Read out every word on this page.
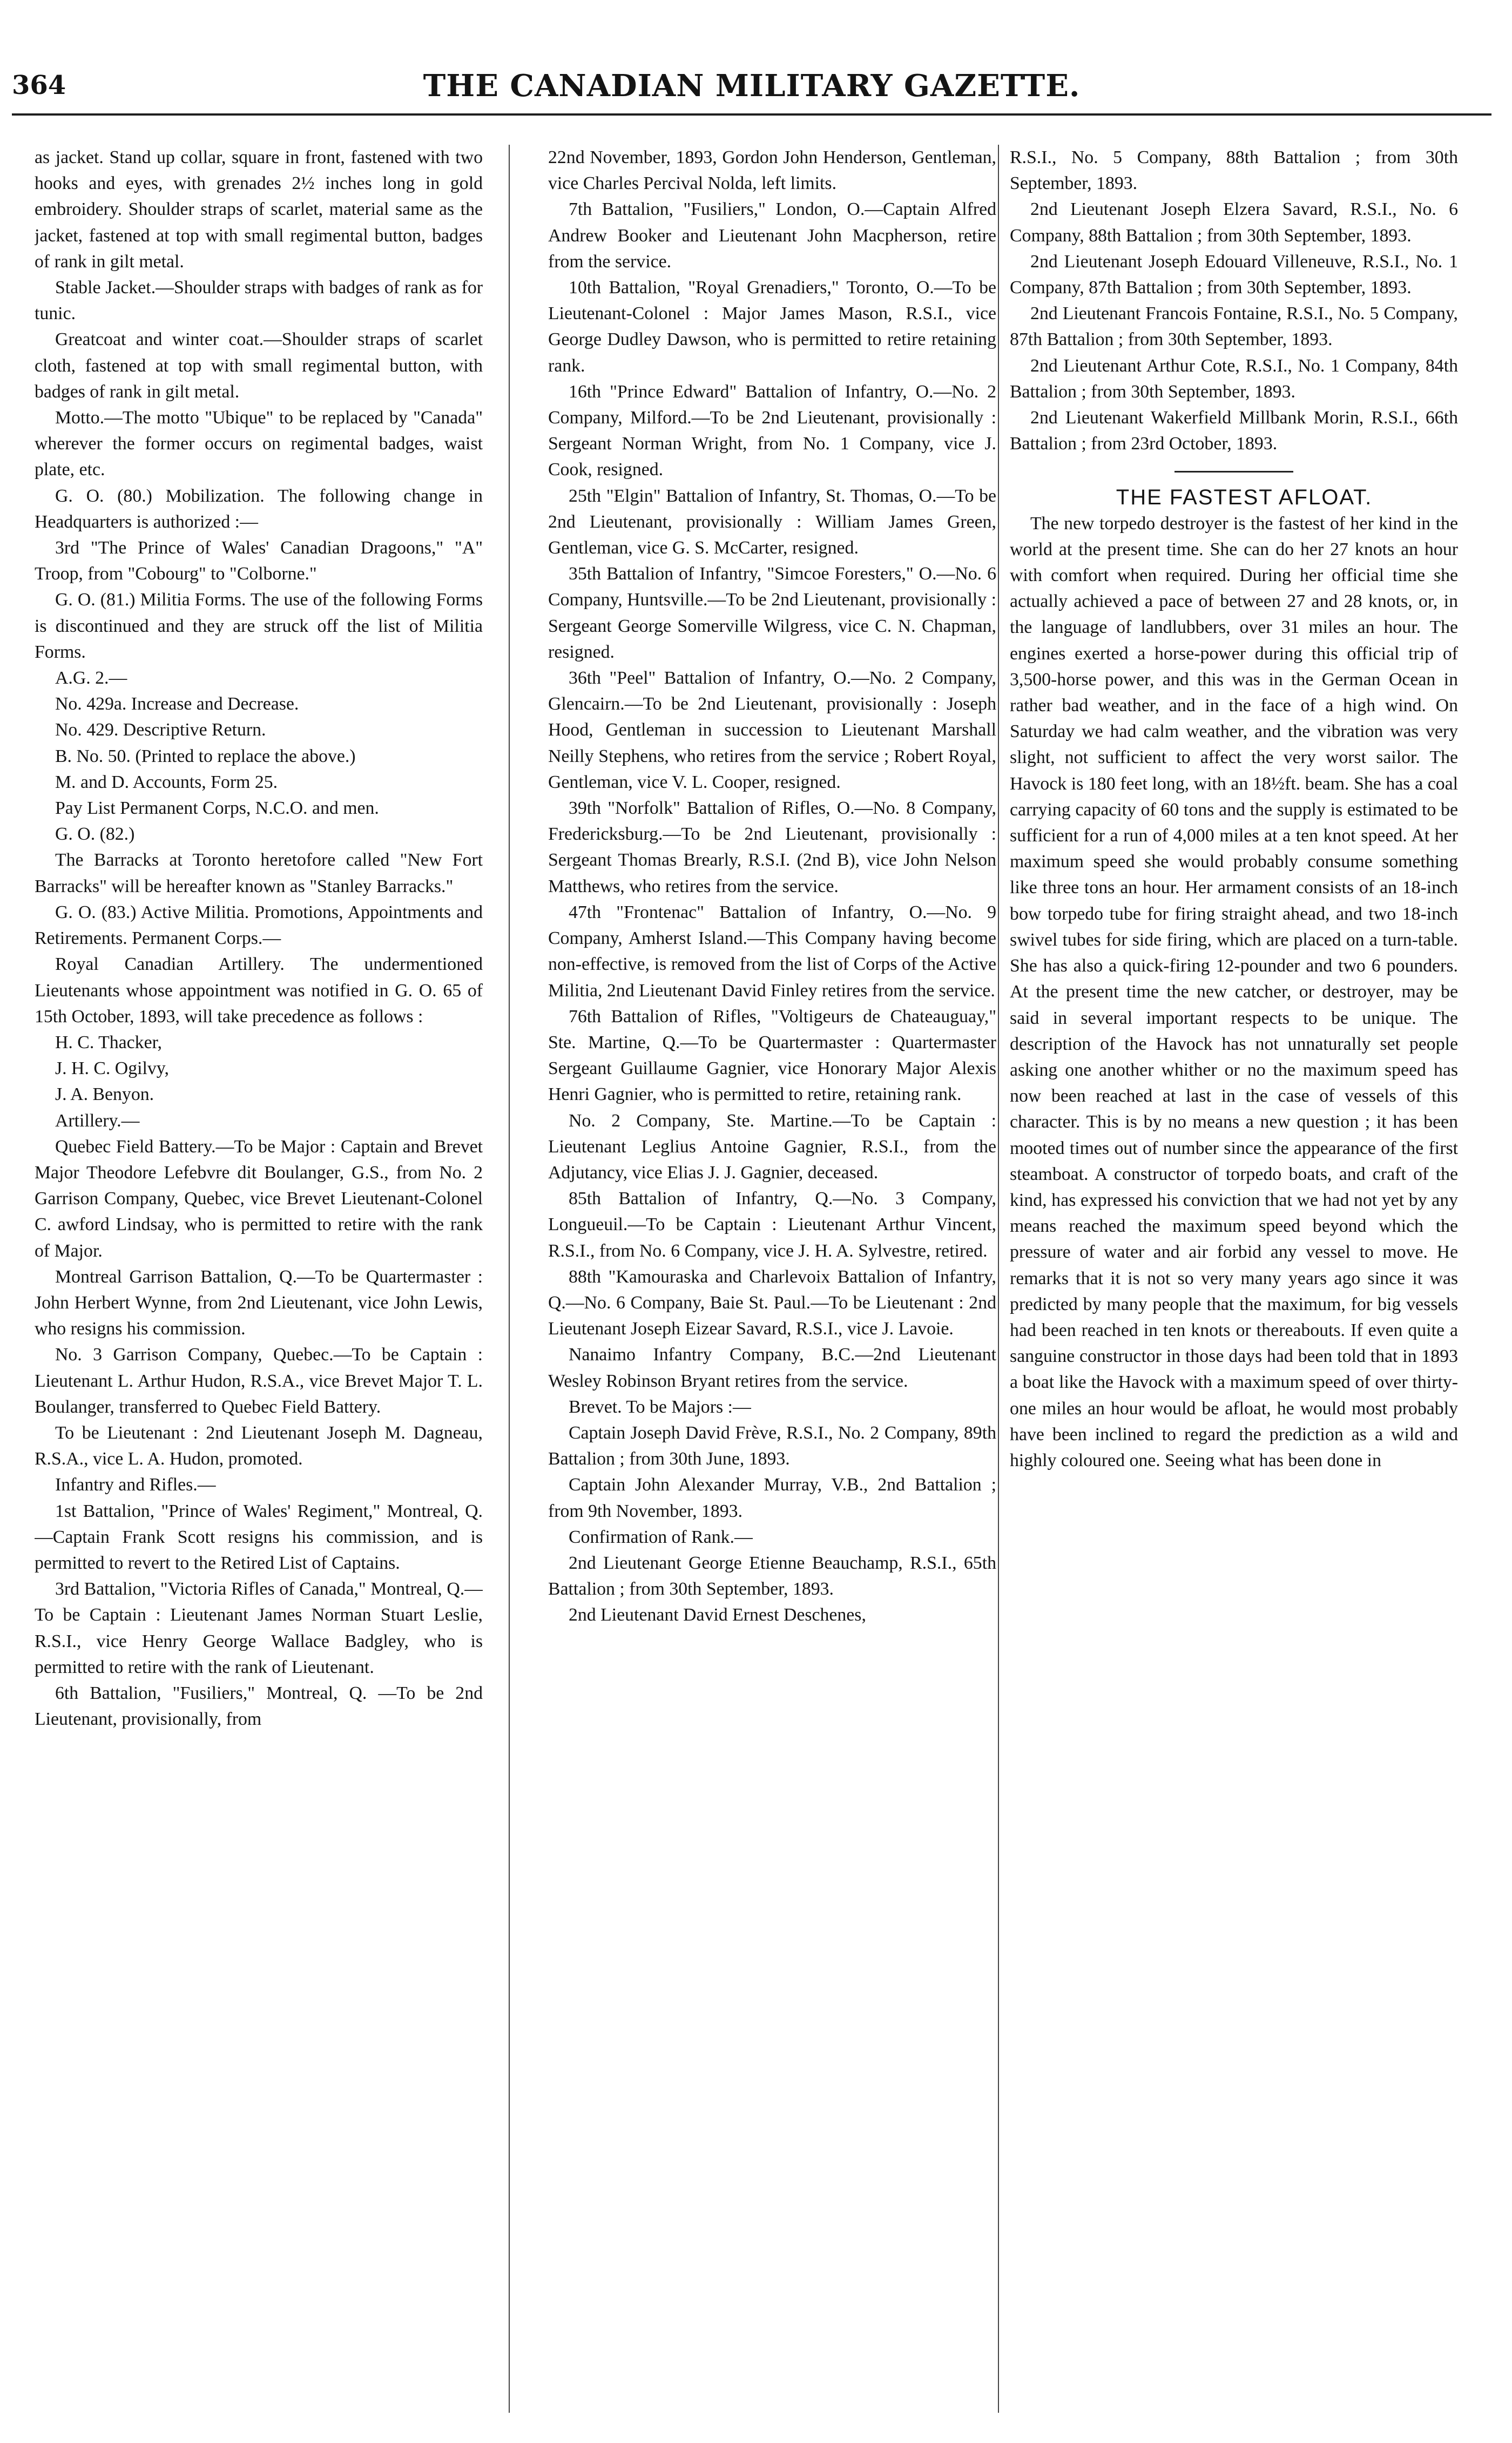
364	THE CANADIAN MILITARY GAZETTE.

as jacket. Stand up collar, square in front, fastened with two hooks and eyes, with grenades 2½ inches long in gold embroidery. Shoulder straps of scarlet, material same as the jacket, fastened at top with small regimental button, badges of rank in gilt metal.

Stable Jacket.—Shoulder straps with badges of rank as for tunic.

Greatcoat and winter coat.—Shoulder straps of scarlet cloth, fastened at top with small regimental button, with badges of rank in gilt metal.

Motto.—The motto "Ubique" to be replaced by "Canada" wherever the former occurs on regimental badges, waist plate, etc.

G. O. (80.) Mobilization. The following change in Headquarters is authorized :—

3rd "The Prince of Wales' Canadian Dragoons," "A" Troop, from "Cobourg" to "Colborne."

G. O. (81.) Militia Forms. The use of the following Forms is discontinued and they are struck off the list of Militia Forms.

A.G. 2.—

No. 429a. Increase and Decrease.

No. 429. Descriptive Return.

B. No. 50. (Printed to replace the above.)

M. and D. Accounts, Form 25.

Pay List Permanent Corps, N.C.O. and men.

G. O. (82.)

The Barracks at Toronto heretofore called "New Fort Barracks" will be hereafter known as "Stanley Barracks."

G. O. (83.) Active Militia. Promotions, Appointments and Retirements. Permanent Corps.—

Royal Canadian Artillery. The undermentioned Lieutenants whose appointment was notified in G. O. 65 of 15th October, 1893, will take precedence as follows :

H. C. Thacker,

J. H. C. Ogilvy,

J. A. Benyon.

Artillery.—

Quebec Field Battery.—To be Major : Captain and Brevet Major Theodore Lefebvre dit Boulanger, G.S., from No. 2 Garrison Company, Quebec, vice Brevet Lieutenant-Colonel C. awford Lindsay, who is permitted to retire with the rank of Major.

Montreal Garrison Battalion, Q.—To be Quartermaster : John Herbert Wynne, from 2nd Lieutenant, vice John Lewis, who resigns his commission.

No. 3 Garrison Company, Quebec.—To be Captain : Lieutenant L. Arthur Hudon, R.S.A., vice Brevet Major T. L. Boulanger, transferred to Quebec Field Battery.

To be Lieutenant : 2nd Lieutenant Joseph M. Dagneau, R.S.A., vice L. A. Hudon, promoted.

Infantry and Rifles.—

1st Battalion, "Prince of Wales' Regiment," Montreal, Q.—Captain Frank Scott resigns his commission, and is permitted to revert to the Retired List of Captains.

3rd Battalion, "Victoria Rifles of Canada," Montreal, Q.—To be Captain : Lieutenant James Norman Stuart Leslie, R.S.I., vice Henry George Wallace Badgley, who is permitted to retire with the rank of Lieutenant.

6th Battalion, "Fusiliers," Montreal, Q. —To be 2nd Lieutenant, provisionally, from

22nd November, 1893, Gordon John Henderson, Gentleman, vice Charles Percival Nolda, left limits.

7th Battalion, "Fusiliers," London, O.—Captain Alfred Andrew Booker and Lieutenant John Macpherson, retire from the service.

10th Battalion, "Royal Grenadiers," Toronto, O.—To be Lieutenant-Colonel : Major James Mason, R.S.I., vice George Dudley Dawson, who is permitted to retire retaining rank.

16th "Prince Edward" Battalion of Infantry, O.—No. 2 Company, Milford.—To be 2nd Lieutenant, provisionally : Sergeant Norman Wright, from No. 1 Company, vice J. Cook, resigned.

25th "Elgin" Battalion of Infantry, St. Thomas, O.—To be 2nd Lieutenant, provisionally : William James Green, Gentleman, vice G. S. McCarter, resigned.

35th Battalion of Infantry, "Simcoe Foresters," O.—No. 6 Company, Huntsville.—To be 2nd Lieutenant, provisionally : Sergeant George Somerville Wilgress, vice C. N. Chapman, resigned.

36th "Peel" Battalion of Infantry, O.—No. 2 Company, Glencairn.—To be 2nd Lieutenant, provisionally : Joseph Hood, Gentleman in succession to Lieutenant Marshall Neilly Stephens, who retires from the service ; Robert Royal, Gentleman, vice V. L. Cooper, resigned.

39th "Norfolk" Battalion of Rifles, O.—No. 8 Company, Fredericksburg.—To be 2nd Lieutenant, provisionally : Sergeant Thomas Brearly, R.S.I. (2nd B), vice John Nelson Matthews, who retires from the service.

47th "Frontenac" Battalion of Infantry, O.—No. 9 Company, Amherst Island.—This Company having become non-effective, is removed from the list of Corps of the Active Militia, 2nd Lieutenant David Finley retires from the service.

76th Battalion of Rifles, "Voltigeurs de Chateauguay," Ste. Martine, Q.—To be Quartermaster : Quartermaster Sergeant Guillaume Gagnier, vice Honorary Major Alexis Henri Gagnier, who is permitted to retire, retaining rank.

No. 2 Company, Ste. Martine.—To be Captain : Lieutenant Leglius Antoine Gagnier, R.S.I., from the Adjutancy, vice Elias J. J. Gagnier, deceased.

85th Battalion of Infantry, Q.—No. 3 Company, Longueuil.—To be Captain : Lieutenant Arthur Vincent, R.S.I., from No. 6 Company, vice J. H. A. Sylvestre, retired.

88th "Kamouraska and Charlevoix Battalion of Infantry, Q.—No. 6 Company, Baie St. Paul.—To be Lieutenant : 2nd Lieutenant Joseph Eizear Savard, R.S.I., vice J. Lavoie.

Nanaimo Infantry Company, B.C.—2nd Lieutenant Wesley Robinson Bryant retires from the service.

Brevet. To be Majors :—

Captain Joseph David Frève, R.S.I., No. 2 Company, 89th Battalion ; from 30th June, 1893.

Captain John Alexander Murray, V.B., 2nd Battalion ; from 9th November, 1893.

Confirmation of Rank.—

2nd Lieutenant George Etienne Beauchamp, R.S.I., 65th Battalion ; from 30th September, 1893.

2nd Lieutenant David Ernest Deschenes,

R.S.I., No. 5 Company, 88th Battalion ; from 30th September, 1893.

2nd Lieutenant Joseph Elzera Savard, R.S.I., No. 6 Company, 88th Battalion ; from 30th September, 1893.

2nd Lieutenant Joseph Edouard Villeneuve, R.S.I., No. 1 Company, 87th Battalion ; from 30th September, 1893.

2nd Lieutenant Francois Fontaine, R.S.I., No. 5 Company, 87th Battalion ; from 30th September, 1893.

2nd Lieutenant Arthur Cote, R.S.I., No. 1 Company, 84th Battalion ; from 30th September, 1893.

2nd Lieutenant Wakerfield Millbank Morin, R.S.I., 66th Battalion ; from 23rd October, 1893.

THE FASTEST AFLOAT.

The new torpedo destroyer is the fastest of her kind in the world at the present time. She can do her 27 knots an hour with comfort when required. During her official time she actually achieved a pace of between 27 and 28 knots, or, in the language of landlubbers, over 31 miles an hour. The engines exerted a horse-power during this official trip of 3,500-horse power, and this was in the German Ocean in rather bad weather, and in the face of a high wind. On Saturday we had calm weather, and the vibration was very slight, not sufficient to affect the very worst sailor. The Havock is 180 feet long, with an 18½ft. beam. She has a coal carrying capacity of 60 tons and the supply is estimated to be sufficient for a run of 4,000 miles at a ten knot speed. At her maximum speed she would probably consume something like three tons an hour. Her armament consists of an 18-inch bow torpedo tube for firing straight ahead, and two 18-inch swivel tubes for side firing, which are placed on a turn-table. She has also a quick-firing 12-pounder and two 6 pounders. At the present time the new catcher, or destroyer, may be said in several important respects to be unique. The description of the Havock has not unnaturally set people asking one another whither or no the maximum speed has now been reached at last in the case of vessels of this character. This is by no means a new question ; it has been mooted times out of number since the appearance of the first steamboat. A constructor of torpedo boats, and craft of the kind, has expressed his conviction that we had not yet by any means reached the maximum speed beyond which the pressure of water and air forbid any vessel to move. He remarks that it is not so very many years ago since it was predicted by many people that the maximum, for big vessels had been reached in ten knots or thereabouts. If even quite a sanguine constructor in those days had been told that in 1893 a boat like the Havock with a maximum speed of over thirty-one miles an hour would be afloat, he would most probably have been inclined to regard the prediction as a wild and highly coloured one. Seeing what has been done in
